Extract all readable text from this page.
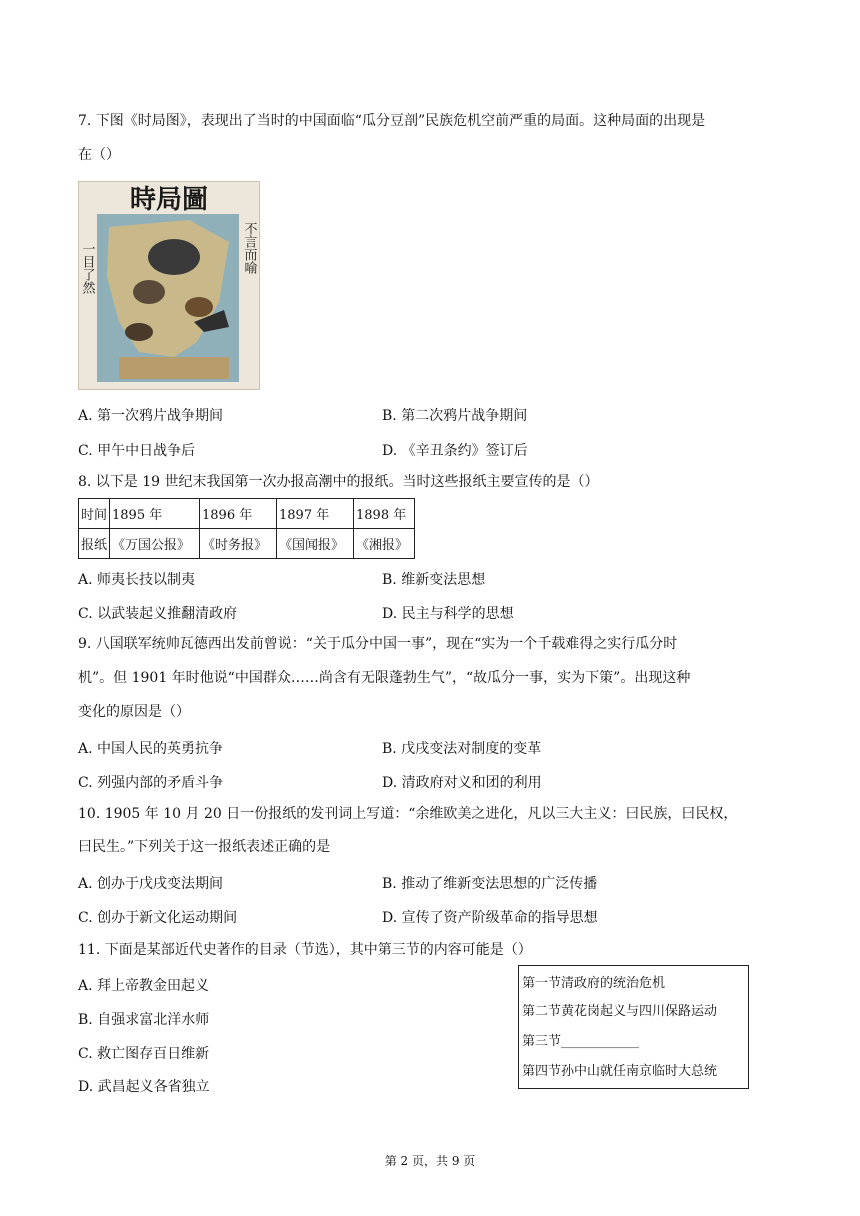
7. 下图《时局图》，表现出了当时的中国面临“瓜分豆剖”民族危机空前严重的局面。这种局面的出现是
在（）
時局圖
一目了然	不言而喻
A. 第一次鸦片战争期间	B. 第二次鸦片战争期间
C. 甲午中日战争后	D. 《辛丑条约》签订后
8. 以下是 19 世纪末我国第一次办报高潮中的报纸。当时这些报纸主要宣传的是（）
时间	1895 年	1896 年	1897 年	1898 年
报纸	《万国公报》	《时务报》	《国闻报》	《湘报》
A. 师夷长技以制夷	B. 维新变法思想
C. 以武装起义推翻清政府	D. 民主与科学的思想
9. 八国联军统帅瓦德西出发前曾说：“关于瓜分中国一事”，现在“实为一个千载难得之实行瓜分时
机”。但 1901 年时他说“中国群众……尚含有无限蓬勃生气”，“故瓜分一事，实为下策”。出现这种
变化的原因是（）
A. 中国人民的英勇抗争	B. 戊戌变法对制度的变革
C. 列强内部的矛盾斗争	D. 清政府对义和团的利用
10. 1905 年 10 月 20 日一份报纸的发刊词上写道：“余维欧美之进化，凡以三大主义：曰民族，曰民权，
曰民生。”下列关于这一报纸表述正确的是
A. 创办于戊戌变法期间	B. 推动了维新变法思想的广泛传播
C. 创办于新文化运动期间	D. 宣传了资产阶级革命的指导思想
11. 下面是某部近代史著作的目录（节选），其中第三节的内容可能是（）
A. 拜上帝教金田起义
B. 自强求富北洋水师
C. 救亡图存百日维新
D. 武昌起义各省独立
第一节清政府的统治危机
第二节黄花岗起义与四川保路运动
第三节____________
第四节孙中山就任南京临时大总统
第 2 页，共 9 页
